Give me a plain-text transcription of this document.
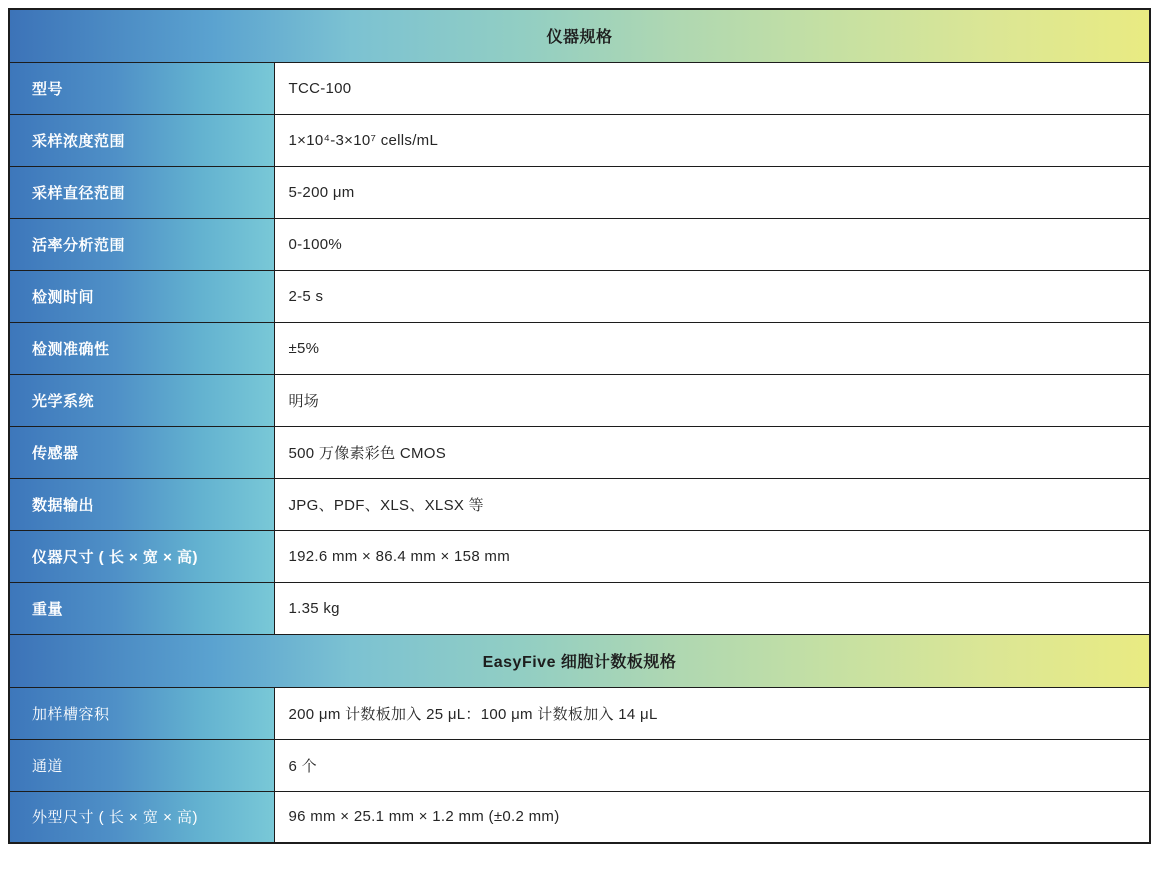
仪器规格	
型号	TCC-100
采样浓度范围	1×10⁴-3×10⁷ cells/mL
采样直径范围	5-200 μm
活率分析范围	0-100%
检测时间	2-5 s
检测准确性	±5%
光学系统	明场
传感器	500 万像素彩色 CMOS
数据输出	JPG、PDF、XLS、XLSX 等
仪器尺寸 ( 长 × 宽 × 高)	192.6 mm × 86.4 mm × 158 mm
重量	1.35 kg
EasyFive 细胞计数板规格	
加样槽容积	200 μm 计数板加入 25 μL：100 μm 计数板加入 14 μL
通道	6 个
外型尺寸 ( 长 × 宽 × 高)	96 mm × 25.1 mm × 1.2 mm (±0.2 mm)
